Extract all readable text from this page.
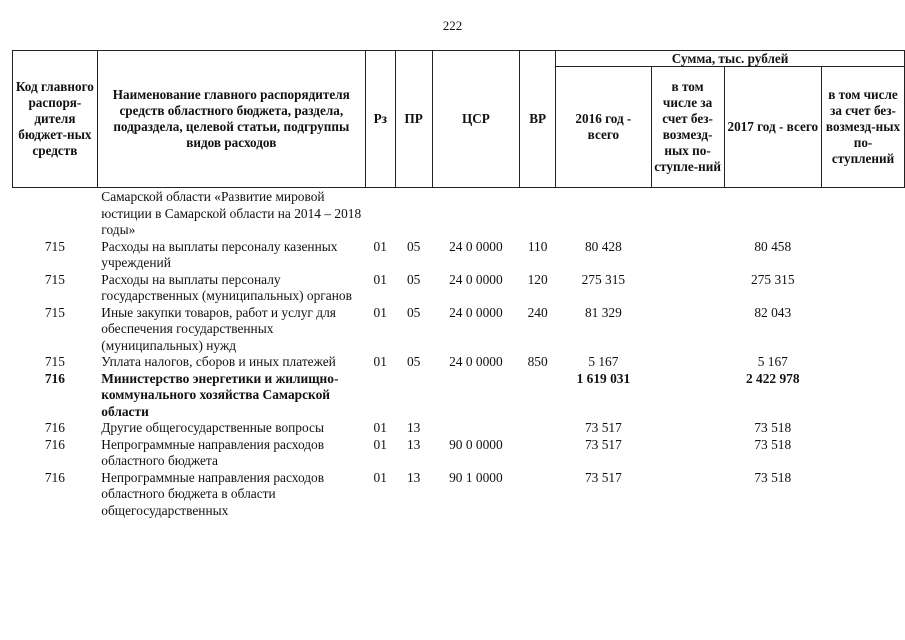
222
Код главного распоря-дителя бюджет-ных средств	Наименование главного распорядителя средств областного бюджета, раздела, подраздела, целевой статьи, подгруппы видов расходов	Рз	ПР	ЦСР	ВР	Сумма, тыс. рублей			
						2016 год - всего	в том числе за счет без-возмезд-ных по-ступле-ний	2017 год - всего	в том числе за счет без-возмезд-ных по-ступлений
	Самарской области «Развитие мировой юстиции в Самарской области на 2014 – 2018 годы»								
715	Расходы на выплаты персоналу казенных учреждений	01	05	24 0 0000	110	80 428		80 458	
715	Расходы на выплаты персоналу государственных (муниципальных) органов	01	05	24 0 0000	120	275 315		275 315	
715	Иные закупки товаров, работ и услуг для обеспечения государственных (муниципальных) нужд	01	05	24 0 0000	240	81 329		82 043	
715	Уплата налогов, сборов и иных платежей	01	05	24 0 0000	850	5 167		5 167	
716	Министерство энергетики и жилищно-коммунального хозяйства Самарской области					1 619 031		2 422 978	
716	Другие общегосударственные вопросы	01	13			73 517		73 518	
716	Непрограммные направления расходов областного бюджета	01	13	90 0 0000		73 517		73 518	
716	Непрограммные направления расходов областного бюджета в области общегосударственных	01	13	90 1 0000		73 517		73 518	
